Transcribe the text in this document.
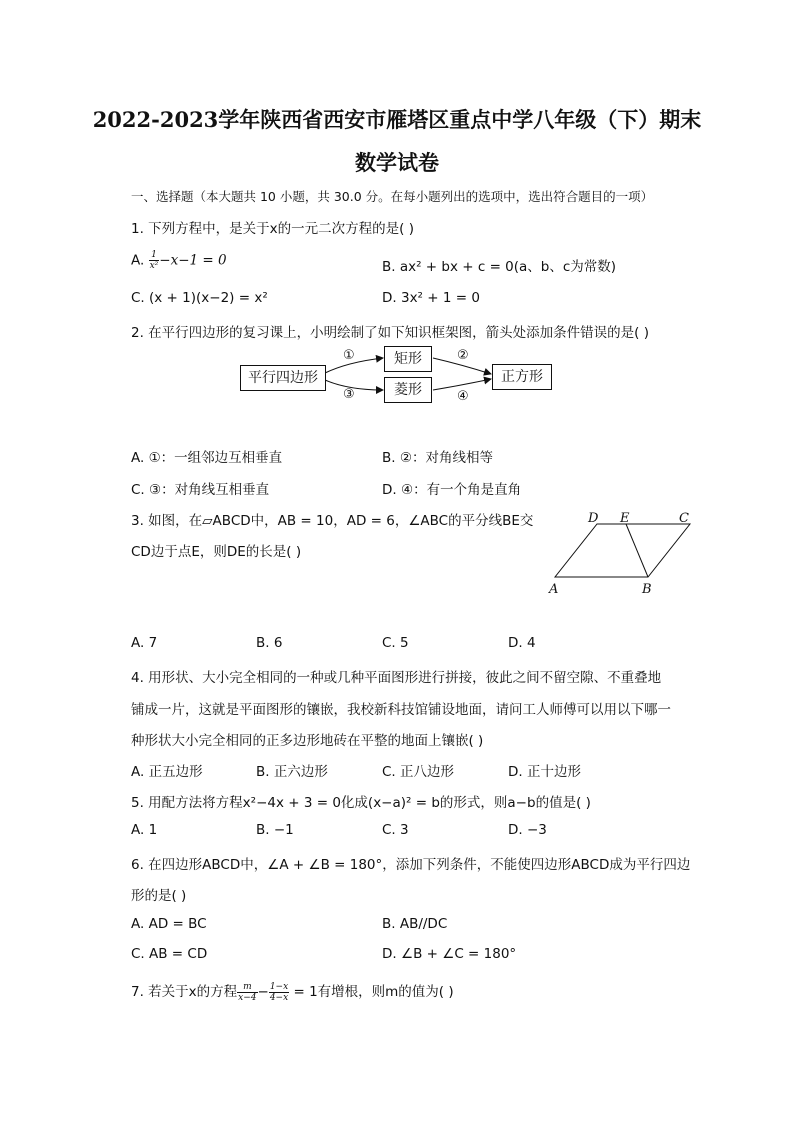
2022-2023学年陕西省西安市雁塔区重点中学八年级（下）期末
数学试卷
一、选择题（本大题共 10 小题，共 30.0 分。在每小题列出的选项中，选出符合题目的一项）
1. 下列方程中，是关于x的一元二次方程的是( )
A. $\frac{1}{\text{x²}} -x-1 = 0$	B. ax² + bx + c = 0(a、b、c为常数)
C. (x + 1)(x−2) = x²	D. 3x² + 1 = 0
2. 在平行四边形的复习课上，小明绘制了如下知识框架图，箭头处添加条件错误的是( )
平行四边形
矩形
菱形
正方形
①	②
③	④
A. ①：一组邻边互相垂直	B. ②：对角线相等
C. ③：对角线互相垂直	D. ④：有一个角是直角
3. 如图，在▱ABCD中，AB = 10，AD = 6，∠ABC的平分线BE交
CD边于点E，则DE的长是( )
D E	C
A	B
A. 7	B. 6	C. 5	D. 4
4. 用形状、大小完全相同的一种或几种平面图形进行拼接，彼此之间不留空隙、不重叠地
铺成一片，这就是平面图形的镶嵌，我校新科技馆铺设地面，请问工人师傅可以用以下哪一
种形状大小完全相同的正多边形地砖在平整的地面上镶嵌( )
A. 正五边形	B. 正六边形	C. 正八边形	D. 正十边形
5. 用配方法将方程x²−4x + 3 = 0化成(x−a)² = b的形式，则a−b的值是( )
A. 1	B. −1	C. 3	D. −3
6. 在四边形ABCD中，∠A + ∠B = 180°，添加下列条件，不能使四边形ABCD成为平行四边
形的是( )
A. AD = BC	B. AB//DC
C. AB = CD	D. ∠B + ∠C = 180°
7. 若关于x的方程 $\frac{m}{x-4} - \frac{1-x}{4-x} = 1$有增根，则m的值为( )
